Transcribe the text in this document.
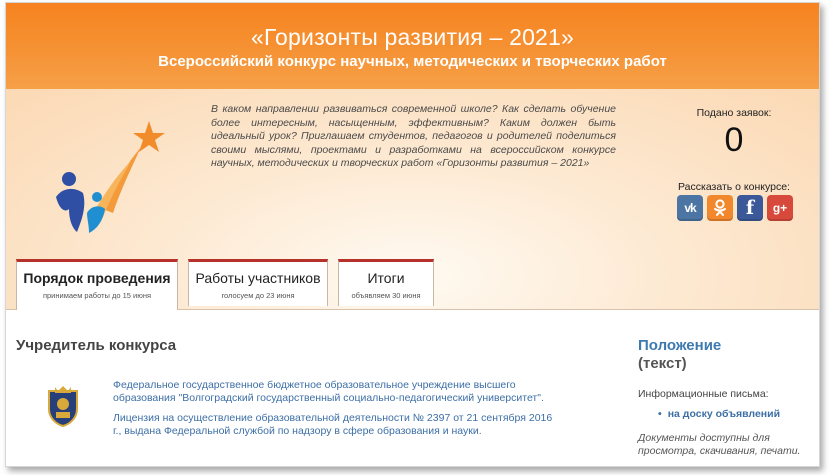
«Горизонты развития – 2021»
Всероссийский конкурс научных, методических и творческих работ
В каком направлении развиваться современной школе? Как сделать обучение более интересным, насыщенным, эффективным? Каким должен быть идеальный урок? Приглашаем студентов, педагогов и родителей поделиться своими мыслями, проектами и разработками на всероссийском конкурсе научных, методических и творческих работ «Горизонты развития – 2021»
Подано заявок:
0
Рассказать о конкурсе:
vk	f g+
Порядок проведения
принимаем работы до 15 июня
Работы участников
голосуем до 23 июня
Итоги
объявляем 30 июня
Учредитель конкурса

Федеральное государственное бюджетное образовательное учреждение высшего образования "Волгоградский государственный социально-педагогический университет".

Лицензия на осуществление образовательной деятельности № 2397 от 21 сентября 2016 г., выдана Федеральной службой по надзору в сфере образования и науки.

Положение
(текст)
Информационные письма:
• на доску объявлений
Документы доступны для просмотра, скачивания, печати.
